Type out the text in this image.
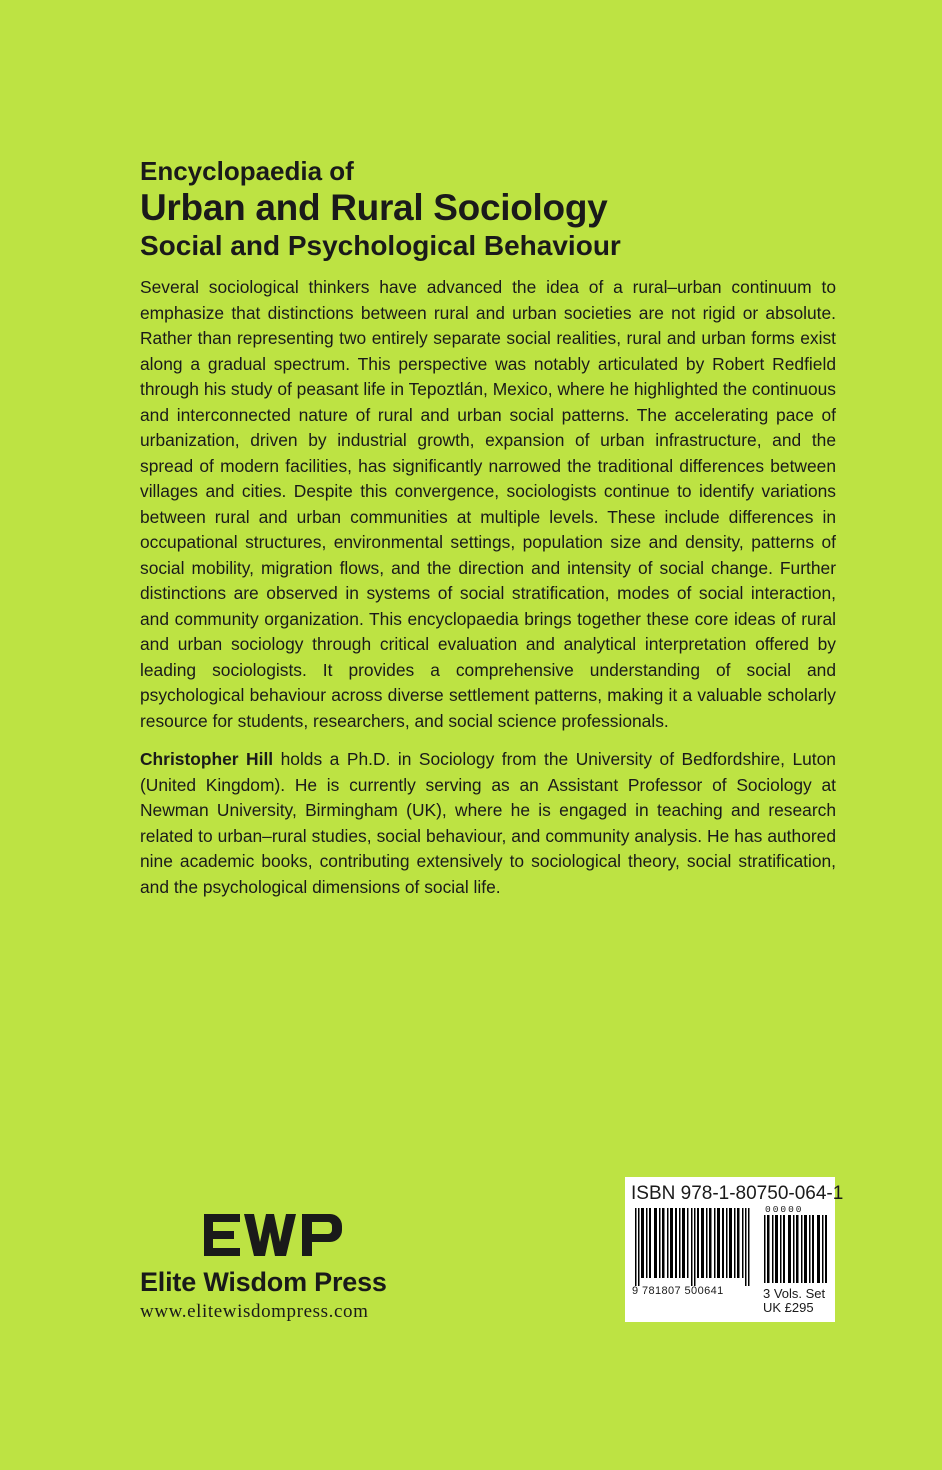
Encyclopaedia of
Urban and Rural Sociology
Social and Psychological Behaviour

Several sociological thinkers have advanced the idea of a rural–urban continuum to emphasize that distinctions between rural and urban societies are not rigid or absolute. Rather than representing two entirely separate social realities, rural and urban forms exist along a gradual spectrum. This perspective was notably articulated by Robert Redfield through his study of peasant life in Tepoztlán, Mexico, where he highlighted the continuous and interconnected nature of rural and urban social patterns. The accelerating pace of urbanization, driven by industrial growth, expansion of urban infrastructure, and the spread of modern facilities, has significantly narrowed the traditional differences between villages and cities. Despite this convergence, sociologists continue to identify variations between rural and urban communities at multiple levels. These include differences in occupational structures, environmental settings, population size and density, patterns of social mobility, migration flows, and the direction and intensity of social change. Further distinctions are observed in systems of social stratification, modes of social interaction, and community organization. This encyclopaedia brings together these core ideas of rural and urban sociology through critical evaluation and analytical interpretation offered by leading sociologists. It provides a comprehensive understanding of social and psychological behaviour across diverse settlement patterns, making it a valuable scholarly resource for students, researchers, and social science professionals.

Christopher Hill holds a Ph.D. in Sociology from the University of Bedfordshire, Luton (United Kingdom). He is currently serving as an Assistant Professor of Sociology at Newman University, Birmingham (UK), where he is engaged in teaching and research related to urban–rural studies, social behaviour, and community analysis. He has authored nine academic books, contributing extensively to sociological theory, social stratification, and the psychological dimensions of social life.

Elite Wisdom Press
www.elitewisdompress.com
ISBN 978-1-80750-064-1
00000
9 781807 500641	3 Vols. Set
UK £295
